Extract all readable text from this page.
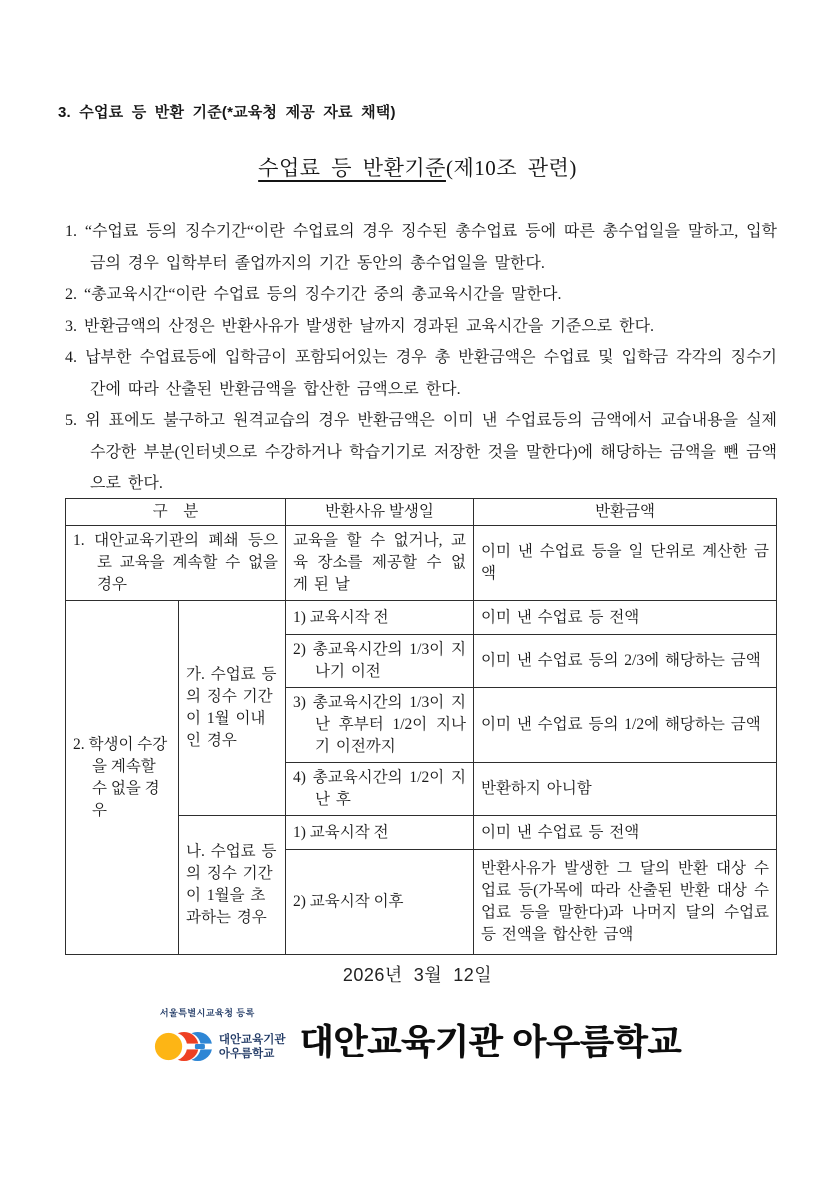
3. 수업료 등 반환 기준(*교육청 제공 자료 채택)
수업료 등 반환기준(제10조 관련)
1. “수업료 등의 징수기간“이란 수업료의 경우 징수된 총수업료 등에 따른 총수업일을 말하고, 입학금의 경우 입학부터 졸업까지의 기간 동안의 총수업일을 말한다.
2. “총교육시간“이란 수업료 등의 징수기간 중의 총교육시간을 말한다.
3. 반환금액의 산정은 반환사유가 발생한 날까지 경과된 교육시간을 기준으로 한다.
4. 납부한 수업료등에 입학금이 포함되어있는 경우 총 반환금액은 수업료 및 입학금 각각의 징수기간에 따라 산출된 반환금액을 합산한 금액으로 한다.
5. 위 표에도 불구하고 원격교습의 경우 반환금액은 이미 낸 수업료등의 금액에서 교습내용을 실제 수강한 부분(인터넷으로 수강하거나 학습기기로 저장한 것을 말한다)에 해당하는 금액을 뺀 금액으로 한다.
구    분		반환사유 발생일	반환금액
1. 대안교육기관의 폐쇄 등으로 교육을 계속할 수 없을 경우		교육을 할 수 없거나, 교육 장소를 제공할 수 없게 된 날	이미 낸 수업료 등을 일 단위로 계산한 금액
2. 학생이 수강을 계속할 수 없을 경우	가. 수업료 등의 징수 기간이 1월 이내인 경우	1) 교육시작 전	이미 낸 수업료 등 전액
		2) 총교육시간의 1/3이 지나기 이전	이미 낸 수업료 등의 2/3에 해당하는 금액
		3) 총교육시간의 1/3이 지난 후부터 1/2이 지나기 이전까지	이미 낸 수업료 등의 1/2에 해당하는 금액
		4) 총교육시간의 1/2이 지난 후	반환하지 아니함
	나. 수업료 등의 징수 기간이 1월을 초과하는 경우	1) 교육시작 전	이미 낸 수업료 등 전액
		2) 교육시작 이후	반환사유가 발생한 그 달의 반환 대상 수업료 등(가목에 따라 산출된 반환 대상 수업료 등을 말한다)과 나머지 달의 수업료 등 전액을 합산한 금액
2026년  3월  12일
서울특별시교육청 등록
대안교육기관
아우름학교 대안교육기관 아우름학교
